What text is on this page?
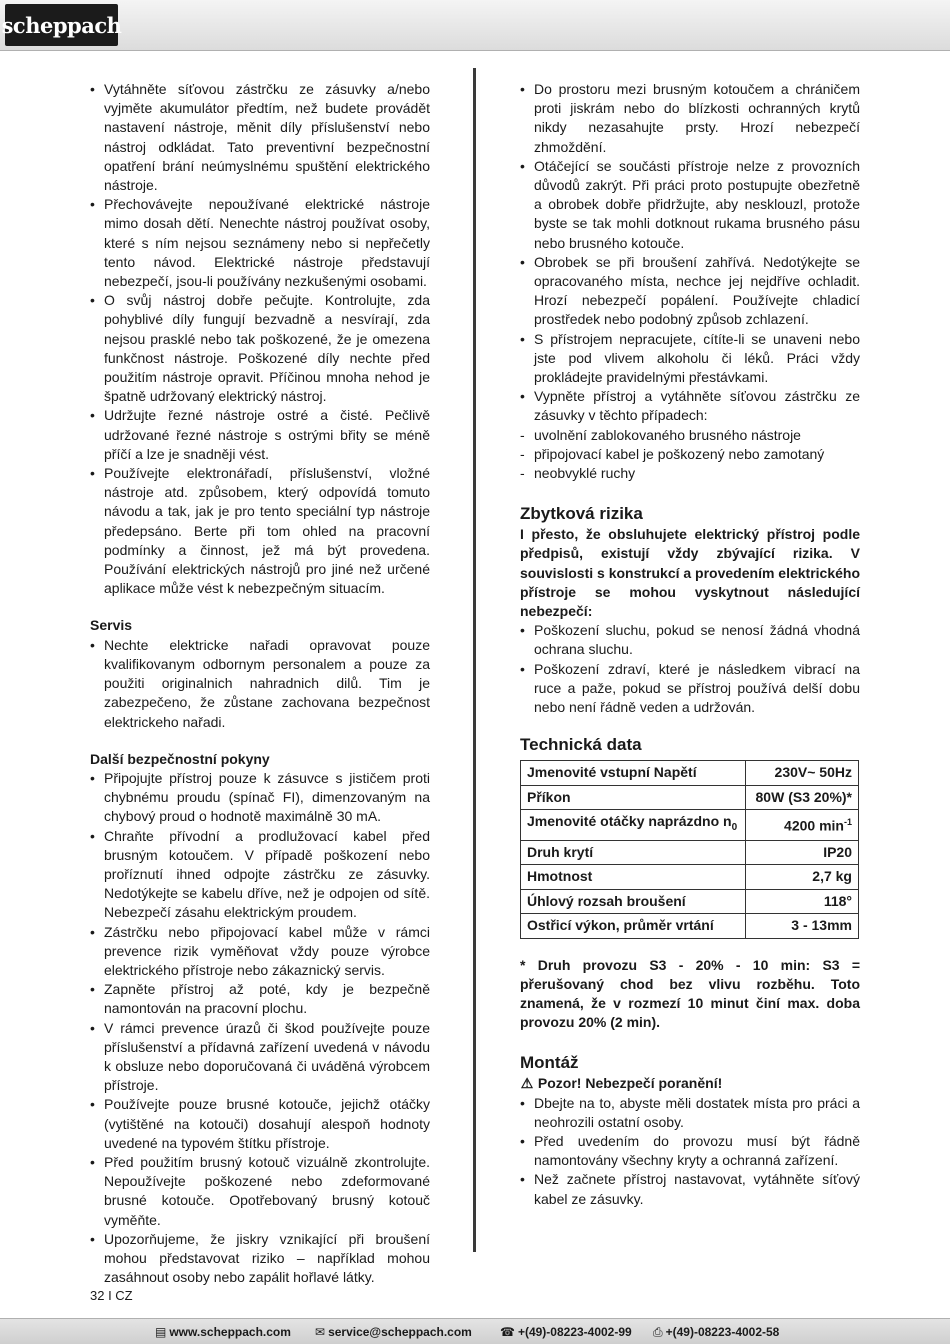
scheppach
• Vytáhněte síťovou zástrčku ze zásuvky a/nebo vyjměte akumulátor předtím, než budete provádět nastavení nástroje, měnit díly příslušenství nebo nástroj odkládat. Tato preventivní bezpečnostní opatření brání neúmyslnému spuštění elektrického nástroje.
• Přechovávejte nepoužívané elektrické nástroje mimo dosah dětí. Nenechte nástroj používat osoby, které s ním nejsou seznámeny nebo si nepřečetly tento návod. Elektrické nástroje představují nebezpečí, jsou-li používány nezkušenými osobami.
• O svůj nástroj dobře pečujte. Kontrolujte, zda pohyblivé díly fungují bezvadně a nesvírají, zda nejsou prasklé nebo tak poškozené, že je omezena funkčnost nástroje. Poškozené díly nechte před použitím nástroje opravit. Příčinou mnoha nehod je špatně udržovaný elektrický nástroj.
• Udržujte řezné nástroje ostré a čisté. Pečlivě udržované řezné nástroje s ostrými břity se méně příčí a lze je snadněji vést.
• Používejte elektronářadí, příslušenství, vložné nástroje atd. způsobem, který odpovídá tomuto návodu a tak, jak je pro tento speciální typ nástroje předepsáno. Berte při tom ohled na pracovní podmínky a činnost, jež má být provedena. Používání elektrických nástrojů pro jiné než určené aplikace může vést k nebezpečným situacím.

Servis

• Nechte elektricke nařadi opravovat pouze kvalifikovanym odbornym personalem a pouze za použiti originalnich nahradnich dilů. Tim je zabezpečeno, že zůstane zachovana bezpečnost elektrickeho nařadi.

Další bezpečnostní pokyny

• Připojujte přístroj pouze k zásuvce s jističem proti chybnému proudu (spínač FI), dimenzovaným na chybový proud o hodnotě maximálně 30 mA.
• Chraňte přívodní a prodlužovací kabel před brusným kotoučem. V případě poškození nebo proříznutí ihned odpojte zástrčku ze zásuvky. Nedotýkejte se kabelu dříve, než je odpojen od sítě. Nebezpečí zásahu elektrickým proudem.
• Zástrčku nebo připojovací kabel může v rámci prevence rizik vyměňovat vždy pouze výrobce elektrického přístroje nebo zákaznický servis.
• Zapněte přístroj až poté, kdy je bezpečně namontován na pracovní plochu.
• V rámci prevence úrazů či škod používejte pouze příslušenství a přídavná zařízení uvedená v návodu k obsluze nebo doporučovaná či uváděná výrobcem přístroje.
• Používejte pouze brusné kotouče, jejichž otáčky (vytištěné na kotouči) dosahují alespoň hodnoty uvedené na typovém štítku přístroje.
• Před použitím brusný kotouč vizuálně zkontrolujte. Nepoužívejte poškozené nebo zdeformované brusné kotouče. Opotřebovaný brusný kotouč vyměňte.
• Upozorňujeme, že jiskry vznikající při broušení mohou představovat riziko – například mohou zasáhnout osoby nebo zapálit hořlavé látky.
• Do prostoru mezi brusným kotoučem a chráničem proti jiskrám nebo do blízkosti ochranných krytů nikdy nezasahujte prsty. Hrozí nebezpečí zhmoždění.
• Otáčející se součásti přístroje nelze z provozních důvodů zakrýt. Při práci proto postupujte obezřetně a obrobek dobře přidržujte, aby nesklouzl, protože byste se tak mohli dotknout rukama brusného pásu nebo brusného kotouče.
• Obrobek se při broušení zahřívá. Nedotýkejte se opracovaného místa, nechce jej nejdříve ochladit. Hrozí nebezpečí popálení. Používejte chladicí prostředek nebo podobný způsob zchlazení.
• S přístrojem nepracujete, cítíte-li se unaveni nebo jste pod vlivem alkoholu či léků. Práci vždy prokládejte pravidelnými přestávkami.
• Vypněte přístroj a vytáhněte síťovou zástrčku ze zásuvky v těchto případech:
- uvolnění zablokovaného brusného nástroje
- připojovací kabel je poškozený nebo zamotaný
- neobvyklé ruchy

Zbytková rizika

I přesto, že obsluhujete elektrický přístroj podle předpisů, existují vždy zbývající rizika. V souvislosti s konstrukcí a provedením elektrického přístroje se mohou vyskytnout následující nebezpečí:

• Poškození sluchu, pokud se nenosí žádná vhodná ochrana sluchu.
• Poškození zdraví, které je následkem vibrací na ruce a paže, pokud se přístroj používá delší dobu nebo není řádně veden a udržován.

Technická data

Jmenovité vstupní Napětí	230V~ 50Hz
Příkon	80W (S3 20%)*
Jmenovité otáčky naprázdno $n_0$	4200 $\min^{-1}$
Druh krytí	IP20
Hmotnost	2,7 kg
Úhlový rozsah broušení	118°
Ostřicí výkon, průměr vrtání	3 - 13mm

* Druh provozu S3 - 20% - 10 min: S3 = přerušovaný chod bez vlivu rozběhu. Toto znamená, že v rozmezí 10 minut činí max. doba provozu 20% (2 min).

Montáž

⚠ Pozor! Nebezpečí poranění!

• Dbejte na to, abyste měli dostatek místa pro práci a neohrozili ostatní osoby.
• Před uvedením do provozu musí být řádně namontovány všechny kryty a ochranná zařízení.
• Než začnete přístroj nastavovat, vytáhněte síťový kabel ze zásuvky.
32 I CZ
▤ www.scheppach.com ✉ service@scheppach.com ☎ +(49)-08223-4002-99 ⎙ +(49)-08223-4002-58
